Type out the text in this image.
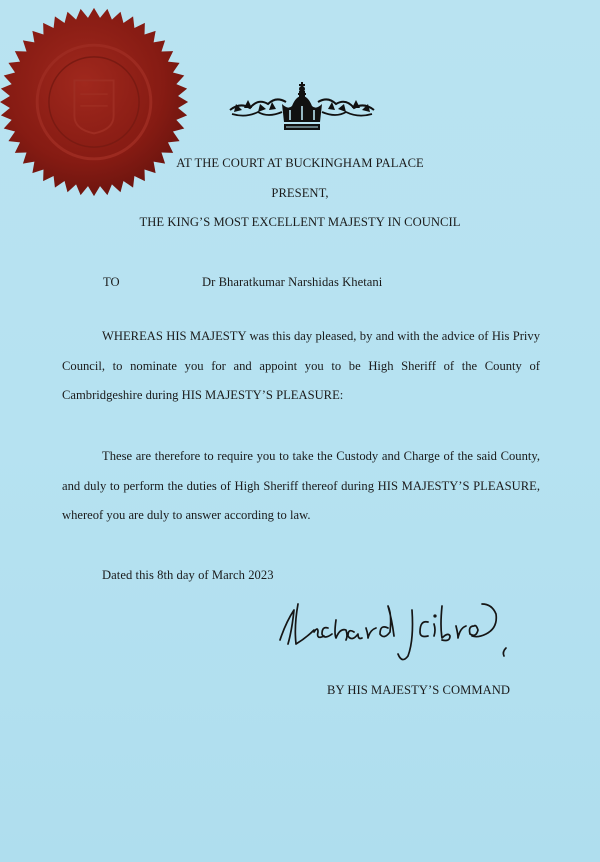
AT THE COURT AT BUCKINGHAM PALACE
PRESENT,
THE KING’S MOST EXCELLENT MAJESTY IN COUNCIL
TO	Dr Bharatkumar Narshidas Khetani
WHEREAS HIS MAJESTY was this day pleased, by and with the advice of His Privy Council, to nominate you for and appoint you to be High Sheriff of the County of Cambridgeshire during HIS MAJESTY’S PLEASURE:
These are therefore to require you to take the Custody and Charge of the said County, and duly to perform the duties of High Sheriff thereof during HIS MAJESTY’S PLEASURE, whereof you are duly to answer according to law.
Dated this 8th day of March 2023
BY HIS MAJESTY’S COMMAND
